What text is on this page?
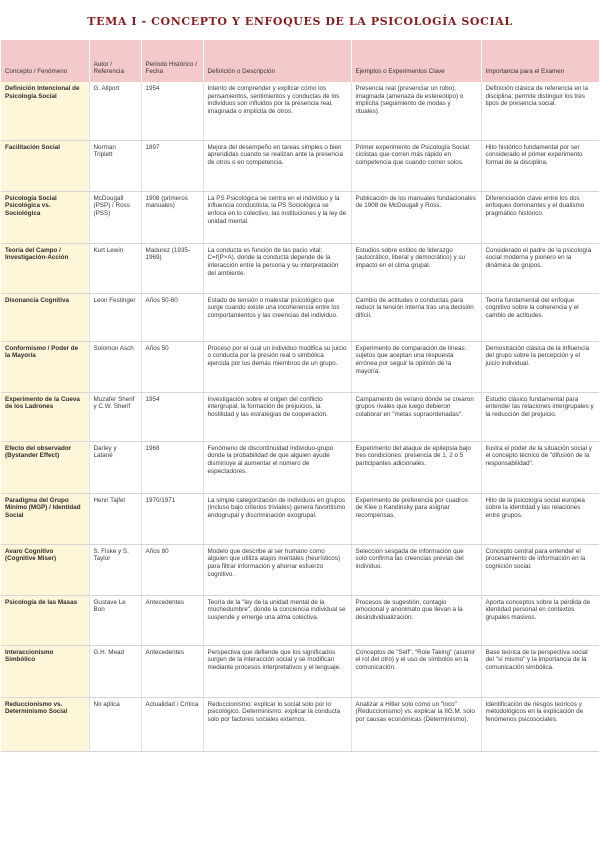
TEMA I - CONCEPTO Y ENFOQUES DE LA PSICOLOGÍA SOCIAL
Concepto / Fenómeno	Autor / Referencia	Periodo Histórico / Fecha	Definición o Descripción	Ejemplos o Experimentos Clave	Importancia para el Examen
Definición Intencional de Psicología Social	G. Allport	1954	Intento de comprender y explicar cómo los pensamientos, sentimientos y conductas de los individuos son influidos por la presencia real, imaginada o implícita de otros.	Presencia real (presenciar un robo), imaginada (amenaza de estereotipo) o implícita (seguimiento de modas y rituales).	Definición clásica de referencia en la disciplina; permite distinguir los tres tipos de presencia social.
Facilitación Social	Norman Triplett	1897	Mejora del desempeño en tareas simples o bien aprendidas cuando se realizan ante la presencia de otros o en competencia.	Primer experimento de Psicología Social: ciclistas que corren más rápido en competencia que cuando corren solos.	Hito histórico fundamental por ser considerado el primer experimento formal de la disciplina.
Psicología Social Psicológica vs. Sociológica	McDougall (PSP) / Ross (PSS)	1908 (primeros manuales)	La PS Psicológica se centra en el individuo y la influencia conductista; la PS Sociológica se enfoca en lo colectivo, las instituciones y la ley de unidad mental.	Publicación de los manuales fundacionales de 1908 de McDougall y Ross.	Diferenciación clave entre los dos enfoques dominantes y el dualismo pragmático histórico.
Teoría del Campo / Investigación-Acción	Kurt Lewin	Madurez (1935-1969)	La conducta es función de las pacio vital: C=f(P×A), donde la conducta depende de la interacción entre la persona y su interpretación del ambiente.	Estudios sobre estilos de liderazgo (autocrático, liberal y democrático) y su impacto en el clima grupal.	Considerado el padre de la psicología social moderna y pionero en la dinámica de grupos.
Disonancia Cognitiva	Leon Festinger	Años 50-60	Estado de tensión o malestar psicológico que surge cuando existe una incoherencia entre los comportamientos y las creencias del individuo.	Cambio de actitudes o conductas para reducir la tensión interna tras una decisión difícil.	Teoría fundamental del enfoque cognitivo sobre la coherencia y el cambio de actitudes.
Conformismo / Poder de la Mayoría	Solomon Asch	Años 50	Proceso por el cual un individuo modifica su juicio o conducta por la presión real o simbólica ejercida por los demás miembros de un grupo.	Experimento de comparación de líneas: sujetos que aceptan una respuesta errónea por seguir la opinión de la mayoría.	Demostración clásica de la influencia del grupo sobre la percepción y el juicio individual.
Experimento de la Cueva de los Ladrones	Muzafer Sherif y C.W. Sherif	1954	Investigación sobre el origen del conflicto intergrupal, la formación de prejuicios, la hostilidad y las estrategias de cooperación.	Campamento de verano donde se crearon grupos rivales que luego debieron colaborar en "metas supraordenadas".	Estudio clásico fundamental para entender las relaciones intergrupales y la reducción del prejuicio.
Efecto del observador (Bystander Effect)	Darley y Latané	1968	Fenómeno de discontinuidad individuo-grupo donde la probabilidad de que alguien ayude disminuye al aumentar el número de espectadores.	Experimento del ataque de epilepsia bajo tres condiciones: presencia de 1, 2 o 5 participantes adicionales.	Ilustra el poder de la situación social y el concepto técnico de "difusión de la responsabilidad".
Paradigma del Grupo Mínimo (MGP) / Identidad Social	Henri Tajfel	1970/1971	La simple categorización de individuos en grupos (incluso bajo criterios triviales) genera favoritismo endogrupal y discriminación exogrupal.	Experimento de preferencia por cuadros de Klee o Kandinsky para asignar recompensas.	Hito de la psicología social europea sobre la identidad y las relaciones entre grupos.
Avaro Cognitivo (Cognitive Miser)	S. Fiske y S. Taylor	Años 80	Modelo que describe al ser humano como alguien que utiliza atajos mentales (heurísticos) para filtrar información y ahorrar esfuerzo cognitivo.	Selección sesgada de información que solo confirma las creencias previas del individuo.	Concepto central para entender el procesamiento de información en la cognición social.
Psicología de las Masas	Gustave Le Bon	Antecedentes	Teoría de la "ley de la unidad mental de la muchedumbre", donde la conciencia individual se suspende y emerge una alma colectiva.	Procesos de sugestión, contagio emocional y anonimato que llevan a la desindividualización.	Aporta conceptos sobre la pérdida de identidad personal en contextos grupales masivos.
Interaccionismo Simbólico	G.H. Mead	Antecedentes	Perspectiva que defiende que los significados surgen de la interacción social y se modifican mediante procesos interpretativos y el lenguaje.	Conceptos de "Self", "Role Taking" (asumir el rol del otro) y el uso de símbolos en la comunicación.	Base teórica de la perspectiva social del "sí mismo" y la importancia de la comunicación simbólica.
Reduccionismo vs. Determinismo Social	No aplica	Actualidad / Crítica	Reduccionismo: explicar lo social solo por lo psicológico. Determinismo: explicar la conducta solo por factores sociales externos.	Analizar a Hitler solo como un "loco" (Reduccionismo) vs. explicar la IIG.M. solo por causas económicas (Determinismo).	Identificación de riesgos teóricos y metodológicos en la explicación de fenómenos psicosociales.
